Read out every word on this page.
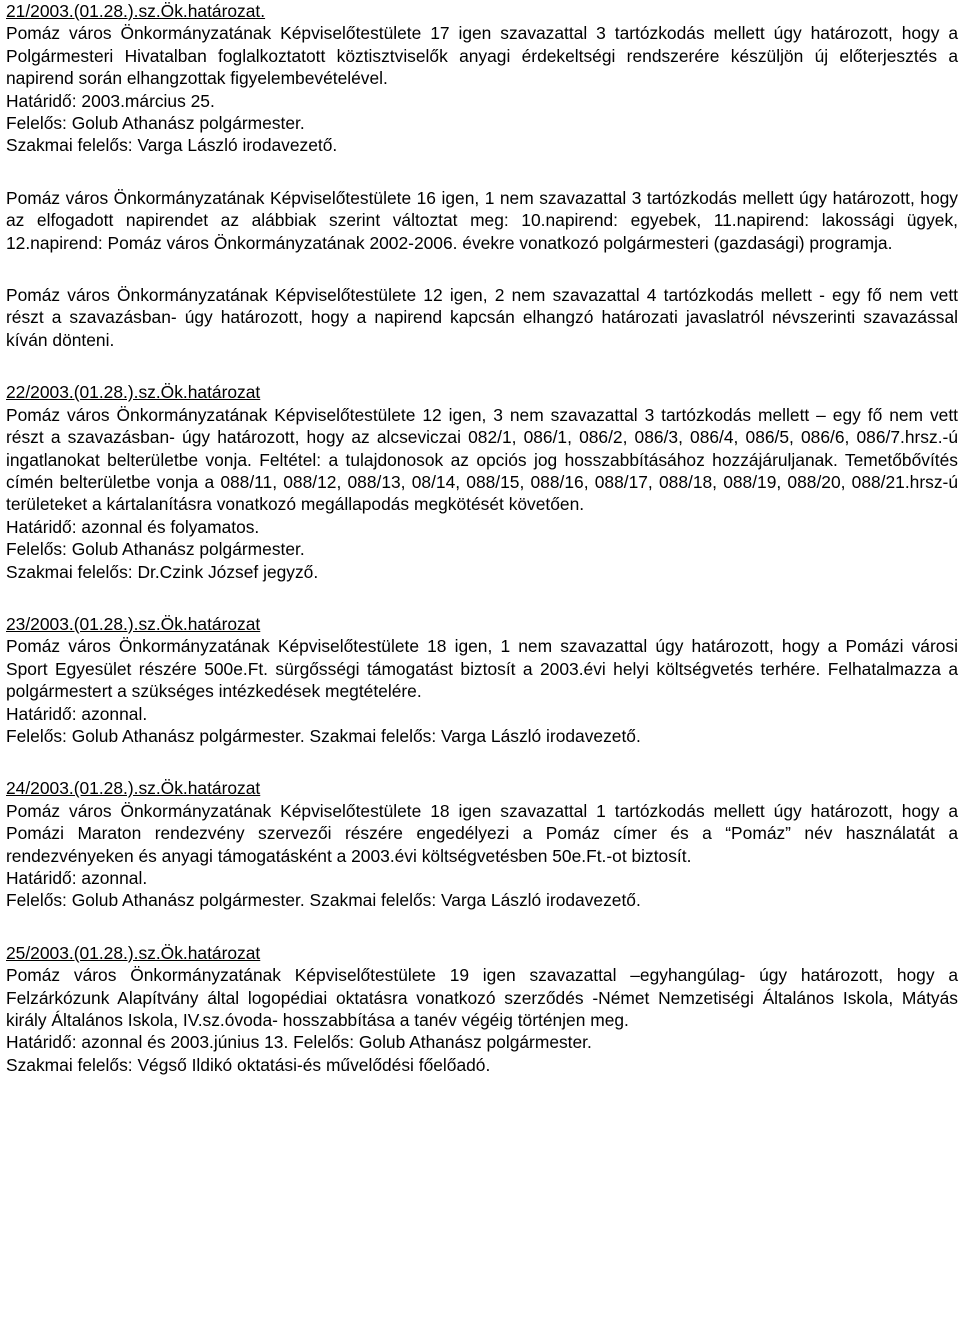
21/2003.(01.28.).sz.Ök.határozat.

Pomáz város Önkormányzatának Képviselőtestülete 17 igen szavazattal 3 tartózkodás mellett úgy határozott, hogy a Polgármesteri Hivatalban foglalkoztatott köztisztviselők anyagi érdekeltségi rendszerére készüljön új előterjesztés a napirend során elhangzottak figyelembevételével.

Határidő: 2003.március 25.

Felelős: Golub Athanász polgármester.

Szakmai felelős: Varga László irodavezető.

Pomáz város Önkormányzatának Képviselőtestülete 16 igen, 1 nem szavazattal 3 tartózkodás mellett úgy határozott, hogy az elfogadott napirendet az alábbiak szerint változtat meg: 10.napirend: egyebek, 11.napirend: lakossági ügyek, 12.napirend: Pomáz város Önkormányzatának 2002-2006. évekre vonatkozó polgármesteri (gazdasági) programja.

Pomáz város Önkormányzatának Képviselőtestülete 12 igen, 2 nem szavazattal 4 tartózkodás mellett - egy fő nem vett részt a szavazásban- úgy határozott, hogy a napirend kapcsán elhangzó határozati javaslatról névszerinti szavazással kíván dönteni.

22/2003.(01.28.).sz.Ök.határozat

Pomáz város Önkormányzatának Képviselőtestülete 12 igen, 3 nem szavazattal 3 tartózkodás mellett – egy fő nem vett részt a szavazásban- úgy határozott, hogy az alcseviczai 082/1, 086/1, 086/2, 086/3, 086/4, 086/5, 086/6, 086/7.hrsz.-ú ingatlanokat belterületbe vonja. Feltétel: a tulajdonosok az opciós jog hosszabbításához hozzájáruljanak. Temetőbővítés címén belterületbe vonja a 088/11, 088/12, 088/13, 08/14, 088/15, 088/16, 088/17, 088/18, 088/19, 088/20, 088/21.hrsz-ú területeket a kártalanításra vonatkozó megállapodás megkötését követően.

Határidő: azonnal és folyamatos.

Felelős: Golub Athanász polgármester.

Szakmai felelős: Dr.Czink József jegyző.

23/2003.(01.28.).sz.Ök.határozat

Pomáz város Önkormányzatának Képviselőtestülete 18 igen, 1 nem szavazattal úgy határozott, hogy a Pomázi városi Sport Egyesület részére 500e.Ft. sürgősségi támogatást biztosít a 2003.évi helyi költségvetés terhére. Felhatalmazza a polgármestert a szükséges intézkedések megtételére.

Határidő: azonnal.

Felelős: Golub Athanász polgármester. Szakmai felelős: Varga László irodavezető.

24/2003.(01.28.).sz.Ök.határozat

Pomáz város Önkormányzatának Képviselőtestülete 18 igen szavazattal 1 tartózkodás mellett úgy határozott, hogy a Pomázi Maraton rendezvény szervezői részére engedélyezi a Pomáz címer és a “Pomáz” név használatát a rendezvényeken és anyagi támogatásként a 2003.évi költségvetésben 50e.Ft.-ot biztosít.

Határidő: azonnal.

Felelős: Golub Athanász polgármester. Szakmai felelős: Varga László irodavezető.

25/2003.(01.28.).sz.Ök.határozat

Pomáz város Önkormányzatának Képviselőtestülete 19 igen szavazattal –egyhangúlag- úgy határozott, hogy a Felzárkózunk Alapítvány által logopédiai oktatásra vonatkozó szerződés -Német Nemzetiségi Általános Iskola, Mátyás király Általános Iskola, IV.sz.óvoda- hosszabbítása a tanév végéig történjen meg.

Határidő: azonnal és 2003.június 13. Felelős: Golub Athanász polgármester.

Szakmai felelős: Végső Ildikó oktatási-és művelődési főelőadó.
